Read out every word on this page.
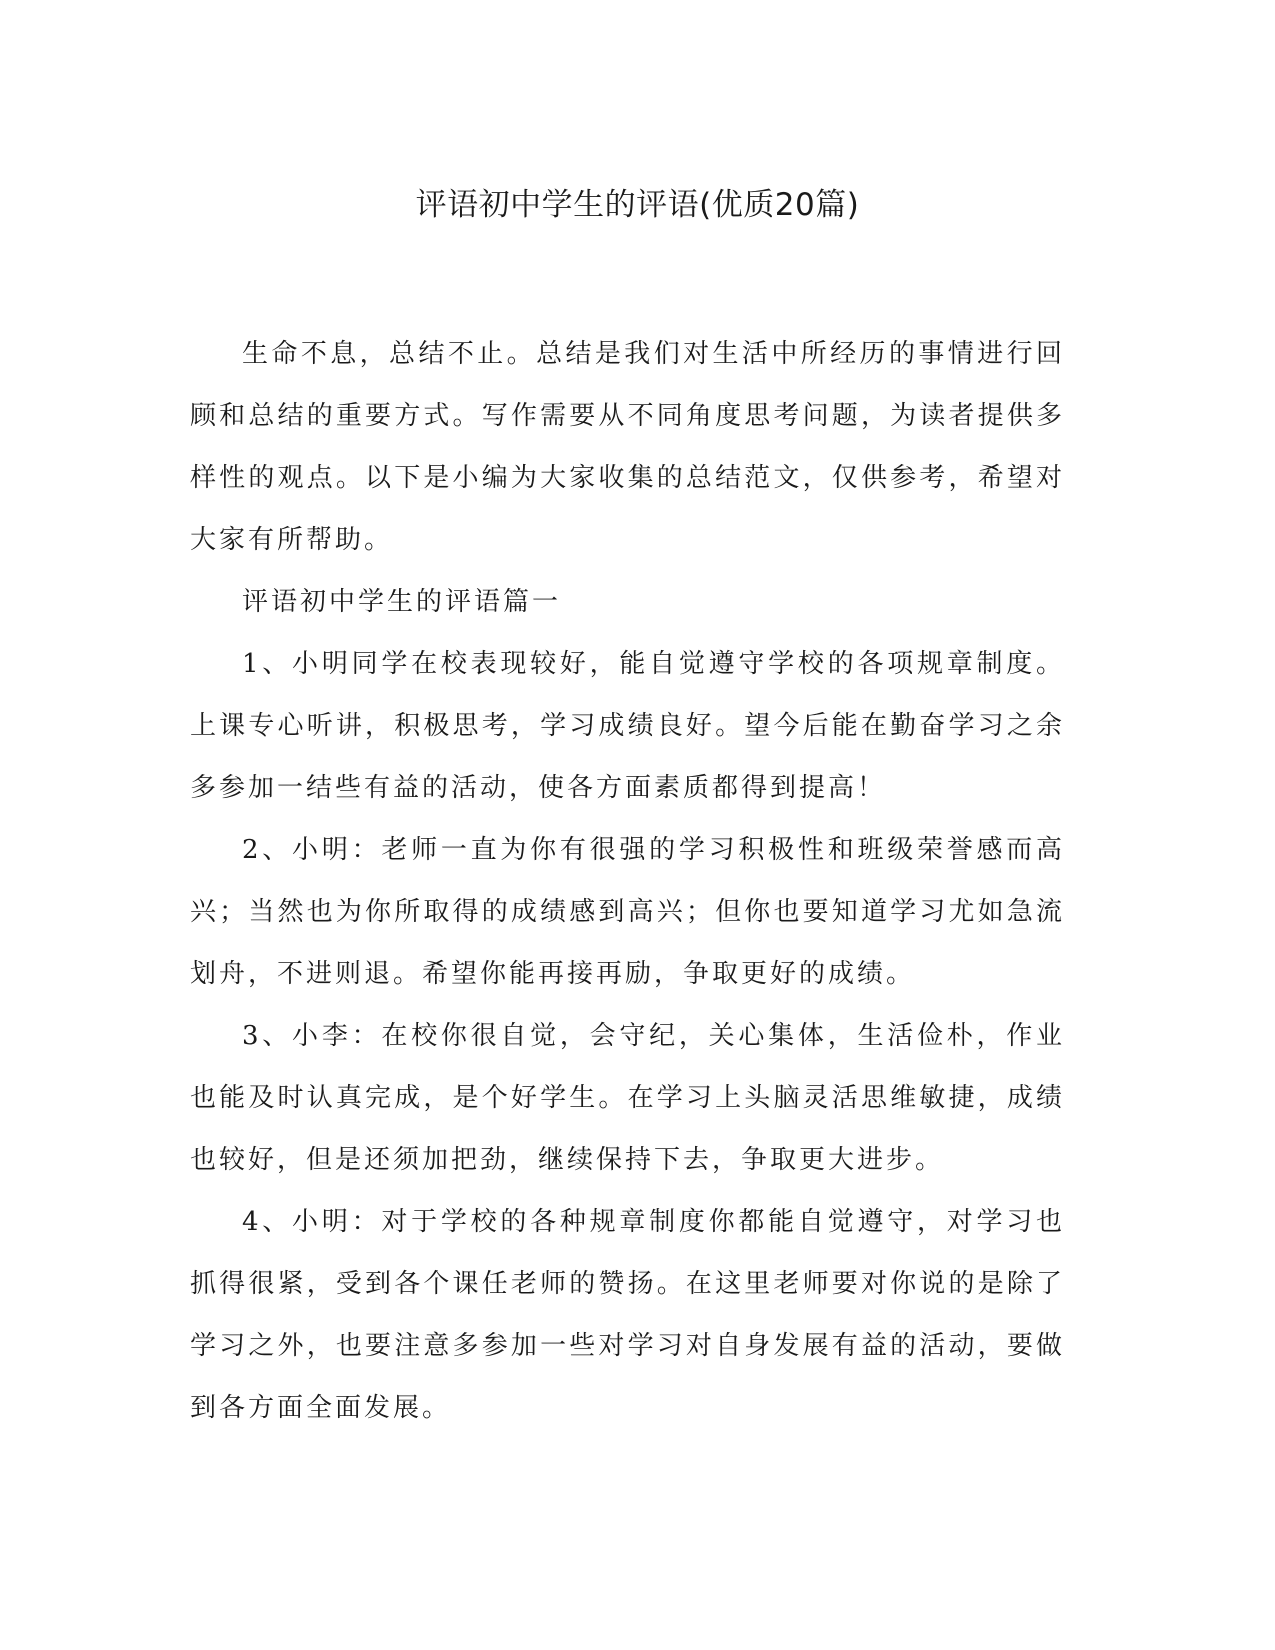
评语初中学生的评语(优质20篇)

生命不息，总结不止。总结是我们对生活中所经历的事情进行回顾和总结的重要方式。写作需要从不同角度思考问题，为读者提供多样性的观点。以下是小编为大家收集的总结范文，仅供参考，希望对大家有所帮助。

评语初中学生的评语篇一

1、小明同学在校表现较好，能自觉遵守学校的各项规章制度。上课专心听讲，积极思考，学习成绩良好。望今后能在勤奋学习之余多参加一结些有益的活动，使各方面素质都得到提高！

2、小明：老师一直为你有很强的学习积极性和班级荣誉感而高兴；当然也为你所取得的成绩感到高兴；但你也要知道学习尤如急流划舟，不进则退。希望你能再接再励，争取更好的成绩。

3、小李：在校你很自觉，会守纪，关心集体，生活俭朴，作业也能及时认真完成，是个好学生。在学习上头脑灵活思维敏捷，成绩也较好，但是还须加把劲，继续保持下去，争取更大进步。

4、小明：对于学校的各种规章制度你都能自觉遵守，对学习也抓得很紧，受到各个课任老师的赞扬。在这里老师要对你说的是除了学习之外，也要注意多参加一些对学习对自身发展有益的活动，要做到各方面全面发展。
